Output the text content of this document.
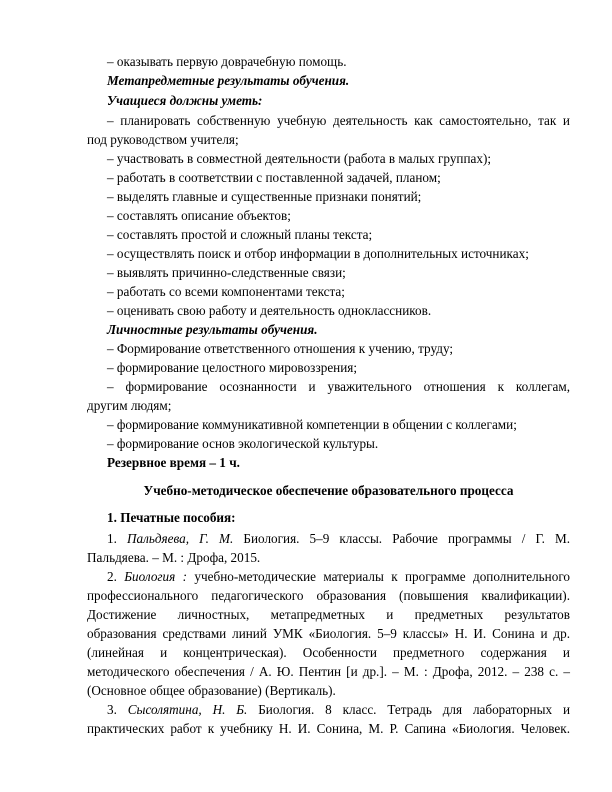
– оказывать первую доврачебную помощь.
Метапредметные результаты обучения.
Учащиеся должны уметь:
– планировать собственную учебную деятельность как самостоятельно, так и
под руководством учителя;
– участвовать в совместной деятельности (работа в малых группах);
– работать в соответствии с поставленной задачей, планом;
– выделять главные и существенные признаки понятий;
– составлять описание объектов;
– составлять простой и сложный планы текста;
– осуществлять поиск и отбор информации в дополнительных источниках;
– выявлять причинно-следственные связи;
– работать со всеми компонентами текста;
– оценивать свою работу и деятельность одноклассников.
Личностные результаты обучения.
– Формирование ответственного отношения к учению, труду;
– формирование целостного мировоззрения;
– формирование осознанности и уважительного отношения к коллегам,
другим людям;
– формирование коммуникативной компетенции в общении с коллегами;
– формирование основ экологической культуры.
Резервное время – 1 ч.
Учебно-методическое обеспечение образовательного процесса
1. Печатные пособия:
1. Пальдяева, Г. М. Биология. 5–9 классы. Рабочие программы / Г. М.
Пальдяева. – М. : Дрофа, 2015.
2. Биология : учебно-методические материалы к программе дополнительного
профессионального педагогического образования (повышения квалификации).
Достижение личностных, метапредметных и предметных результатов
образования средствами линий УМК «Биология. 5–9 классы» Н. И. Сонина и др.
(линейная и концентрическая). Особенности предметного содержания и
методического обеспечения / А. Ю. Пентин [и др.]. – М. : Дрофа, 2012. – 238 с. –
(Основное общее образование) (Вертикаль).
3. Сысолятина, Н. Б. Биология. 8 класс. Тетрадь для лабораторных и
практических работ к учебнику Н. И. Сонина, М. Р. Сапина «Биология. Человек.
